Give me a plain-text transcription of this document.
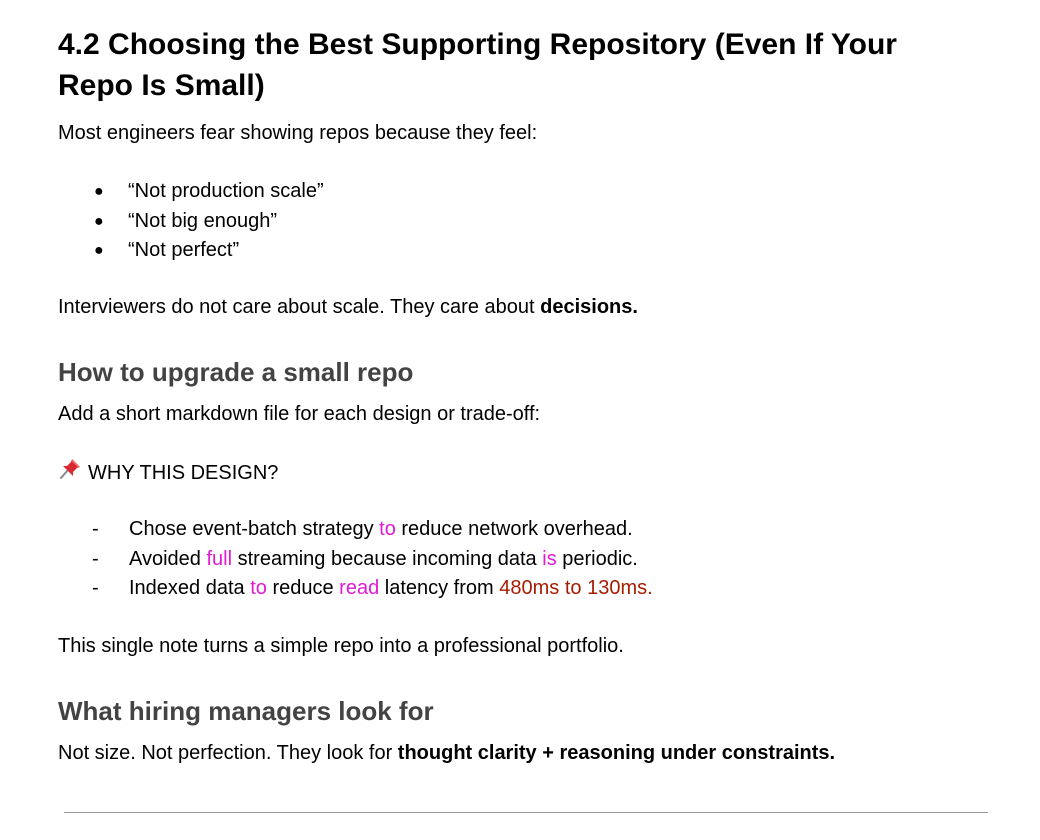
4.2 Choosing the Best Supporting Repository (Even If Your Repo Is Small)

Most engineers fear showing repos because they feel:

● “Not production scale”
● “Not big enough”
● “Not perfect”

Interviewers do not care about scale. They care about decisions.

How to upgrade a small repo

Add a short markdown file for each design or trade-off:

WHY THIS DESIGN?
- Chose event-batch strategy to reduce network overhead.
- Avoided full streaming because incoming data is periodic.
- Indexed data to reduce read latency from 480ms to 130ms.

This single note turns a simple repo into a professional portfolio.

What hiring managers look for

Not size. Not perfection. They look for thought clarity + reasoning under constraints.
